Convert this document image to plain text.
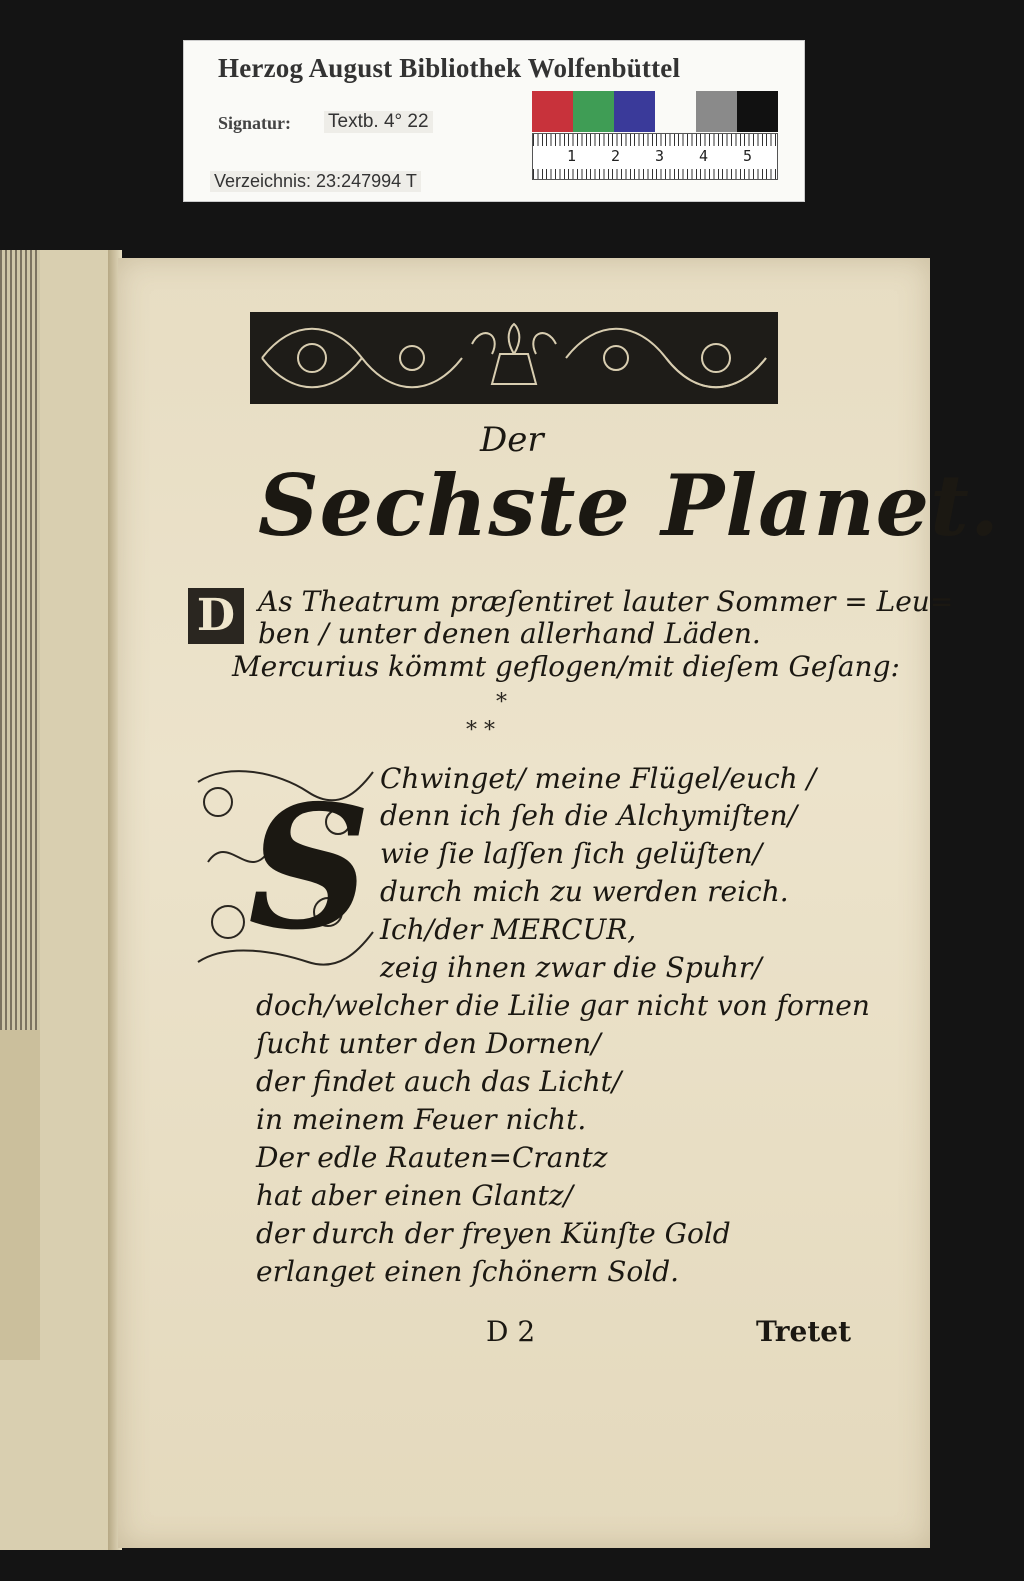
Herzog August Bibliothek Wolfenbüttel
Signatur: Textb. 4° 22
Verzeichnis: 23:247994 T
1 2 3 4 5
Der
Sechste Planet.
D As Theatrum præſentiret lauter Sommer = Leu=
ben / unter denen allerhand Läden.
Mercurius kömmt geflogen/mit dieſem Geſang:
*
* *
S Chwinget/ meine Flügel/euch /
denn ich ſeh die Alchymiſten/
wie ſie laſſen ſich gelüſten/
durch mich zu werden reich.
Ich/der MERCUR,
zeig ihnen zwar die Spuhr/
doch/welcher die Lilie gar nicht von fornen
ſucht unter den Dornen/
der findet auch das Licht/
in meinem Feuer nicht.
Der edle Rauten=Crantz
hat aber einen Glantz/
der durch der freyen Künſte Gold
erlanget einen ſchönern Sold.
D 2	Tretet
